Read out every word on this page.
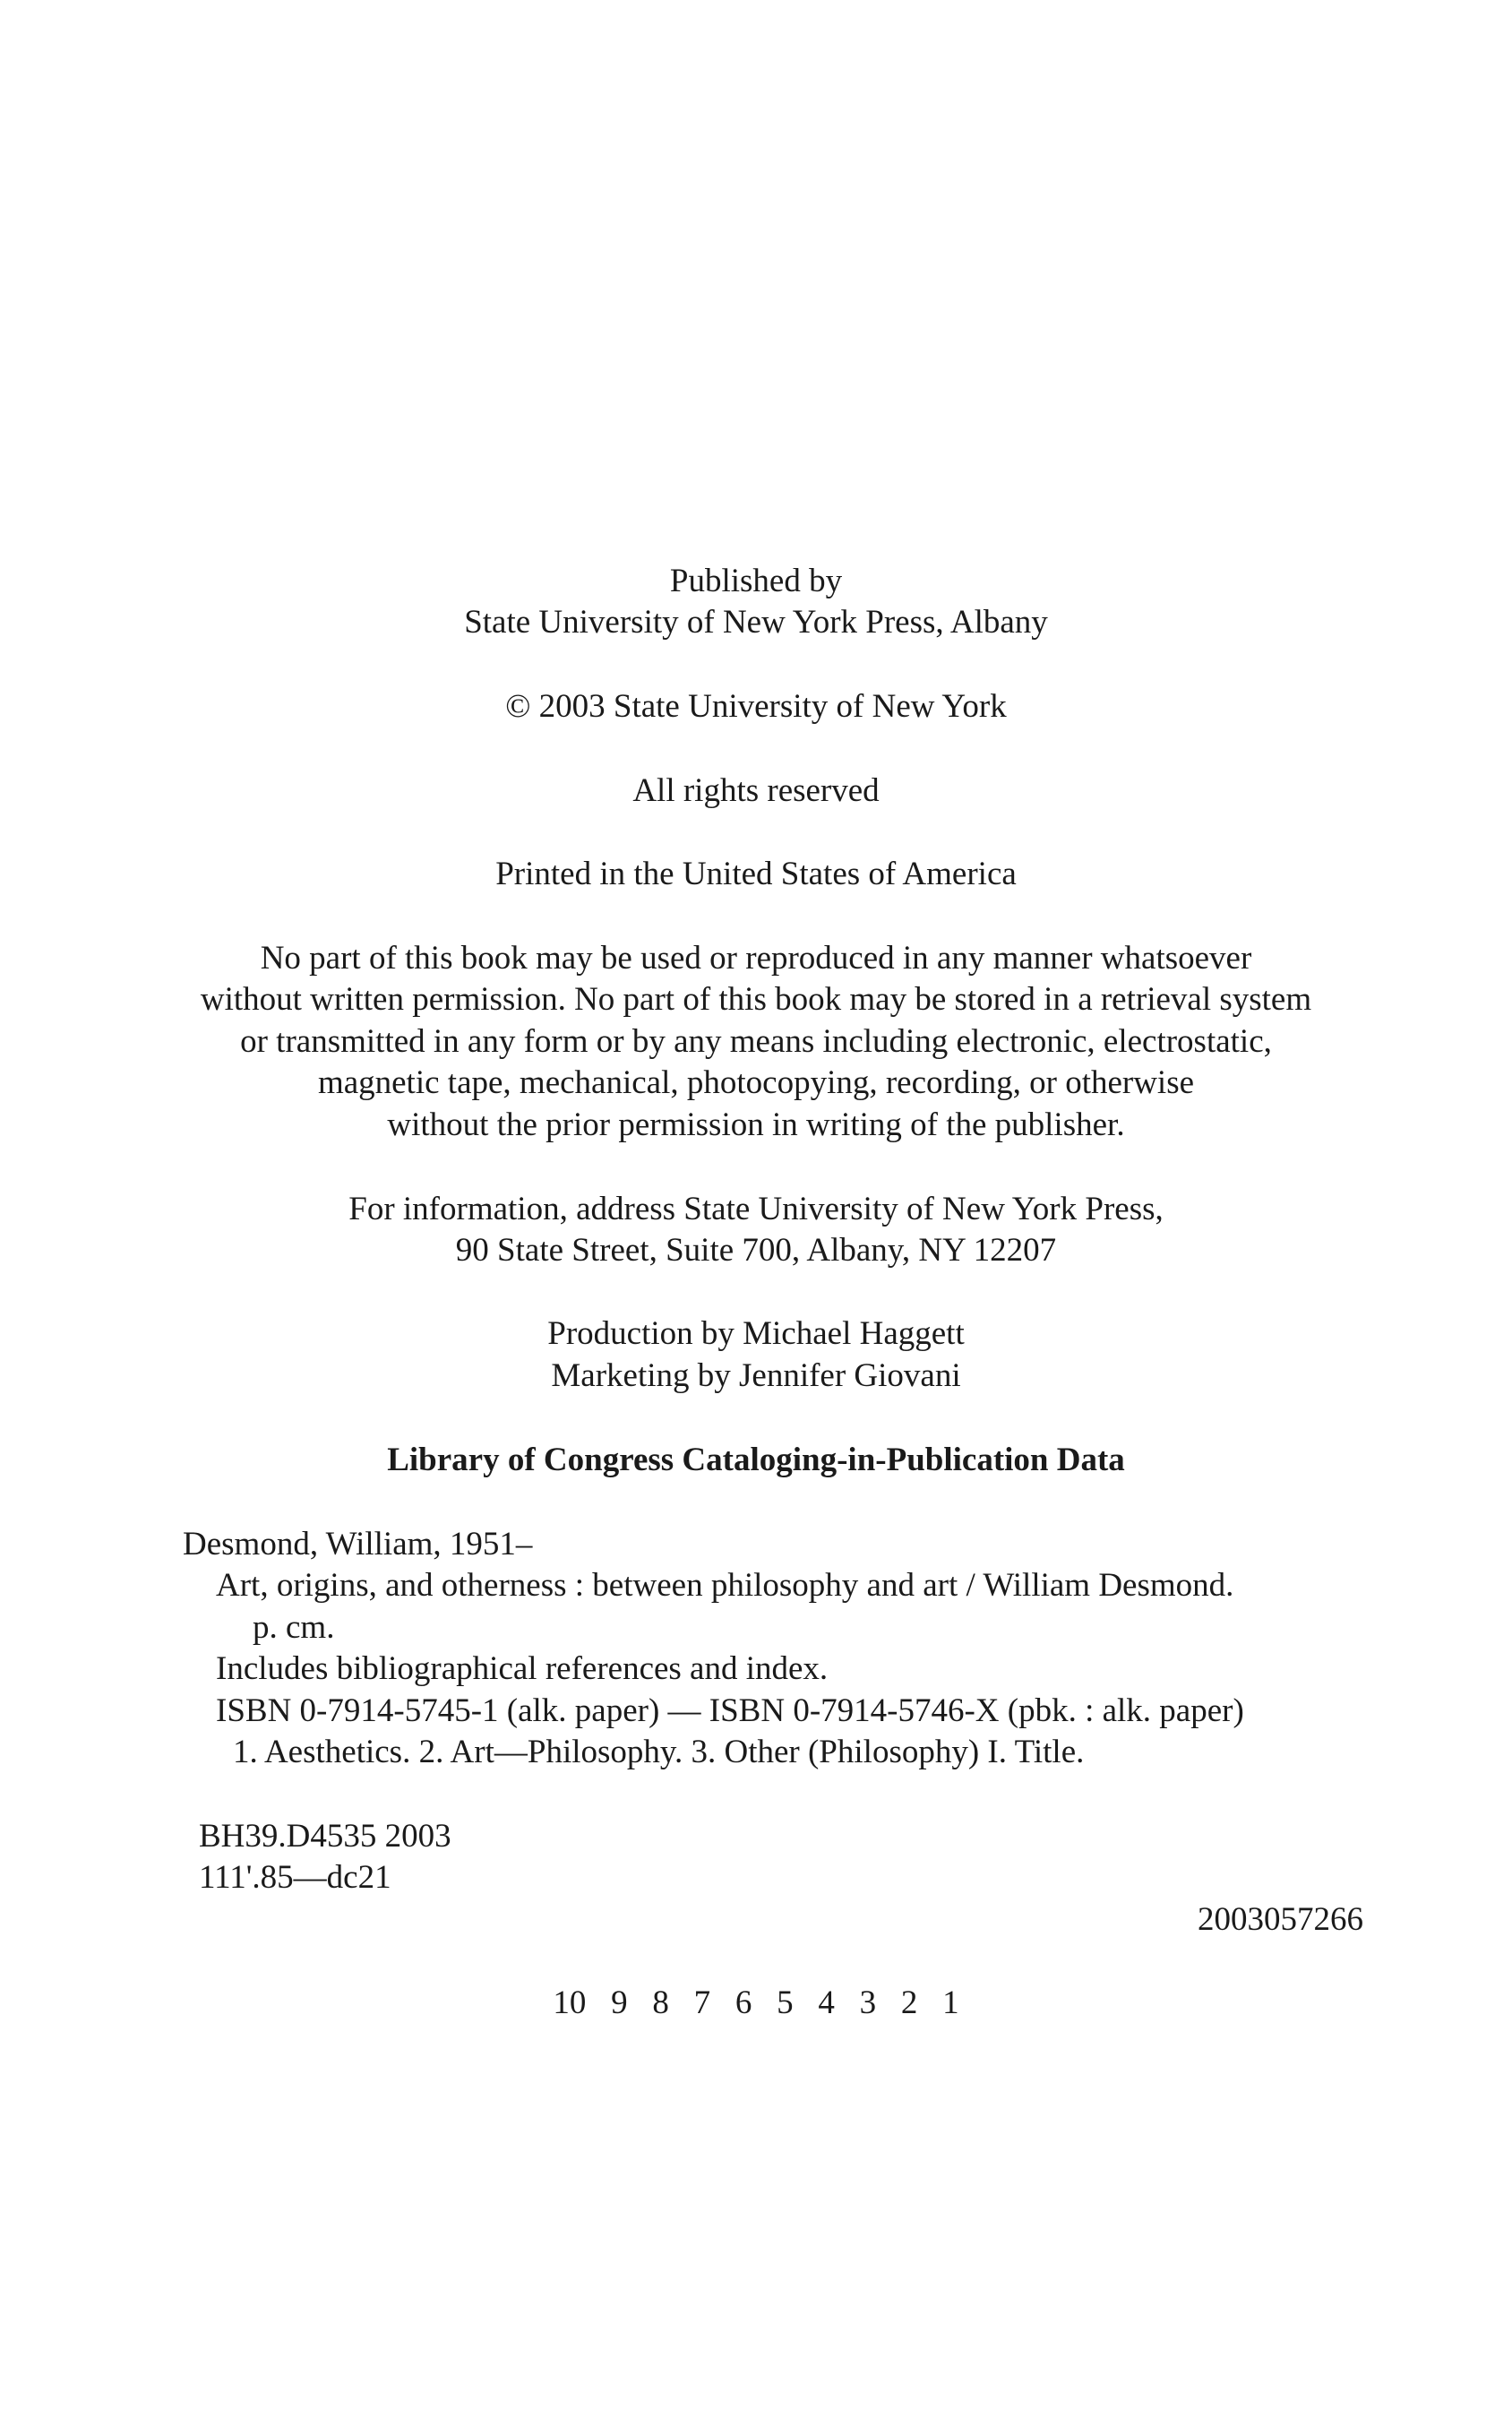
Published by

State University of New York Press, Albany

© 2003 State University of New York

All rights reserved

Printed in the United States of America

No part of this book may be used or reproduced in any manner whatsoever

without written permission. No part of this book may be stored in a retrieval system

or transmitted in any form or by any means including electronic, electrostatic,

magnetic tape, mechanical, photocopying, recording, or otherwise

without the prior permission in writing of the publisher.

For information, address State University of New York Press,

90 State Street, Suite 700, Albany, NY 12207

Production by Michael Haggett

Marketing by Jennifer Giovani

Library of Congress Cataloging-in-Publication Data

Desmond, William, 1951–

Art, origins, and otherness : between philosophy and art / William Desmond.

p. cm.

Includes bibliographical references and index.

ISBN 0-7914-5745-1 (alk. paper) — ISBN 0-7914-5746-X (pbk. : alk. paper)

1. Aesthetics. 2. Art—Philosophy. 3. Other (Philosophy) I. Title.

BH39.D4535 2003

111'.85—dc21

2003057266

10   9   8   7   6   5   4   3   2   1
